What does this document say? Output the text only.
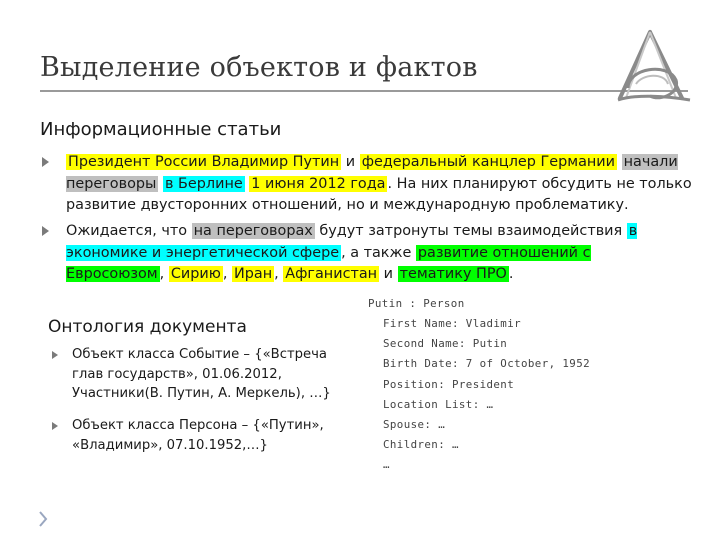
Выделение объектов и фактов
Информационные статьи
Президент России Владимир Путин и федеральный канцлер Германии начали переговоры в Берлине 1 июня 2012 года . На них планируют обсудить не только развитие двусторонних отношений, но и международную проблематику.
Ожидается, что на переговорах будут затронуты темы взаимодействия в экономике и энергетической сфере , а также развитие отношений с Евросоюзом , Сирию , Иран , Афганистан и тематику ПРО .
Онтология документа
Объект класса Событие – {«Встреча глав государств», 01.06.2012, Участники(В. Путин, А. Меркель), …}
Объект класса Персона – {«Путин», «Владимир», 07.10.1952,…}
Putin : Person
First Name: Vladimir
Second Name: Putin
Birth Date: 7 of October, 1952
Position: President
Location List: …
Spouse: …
Children: …
…
